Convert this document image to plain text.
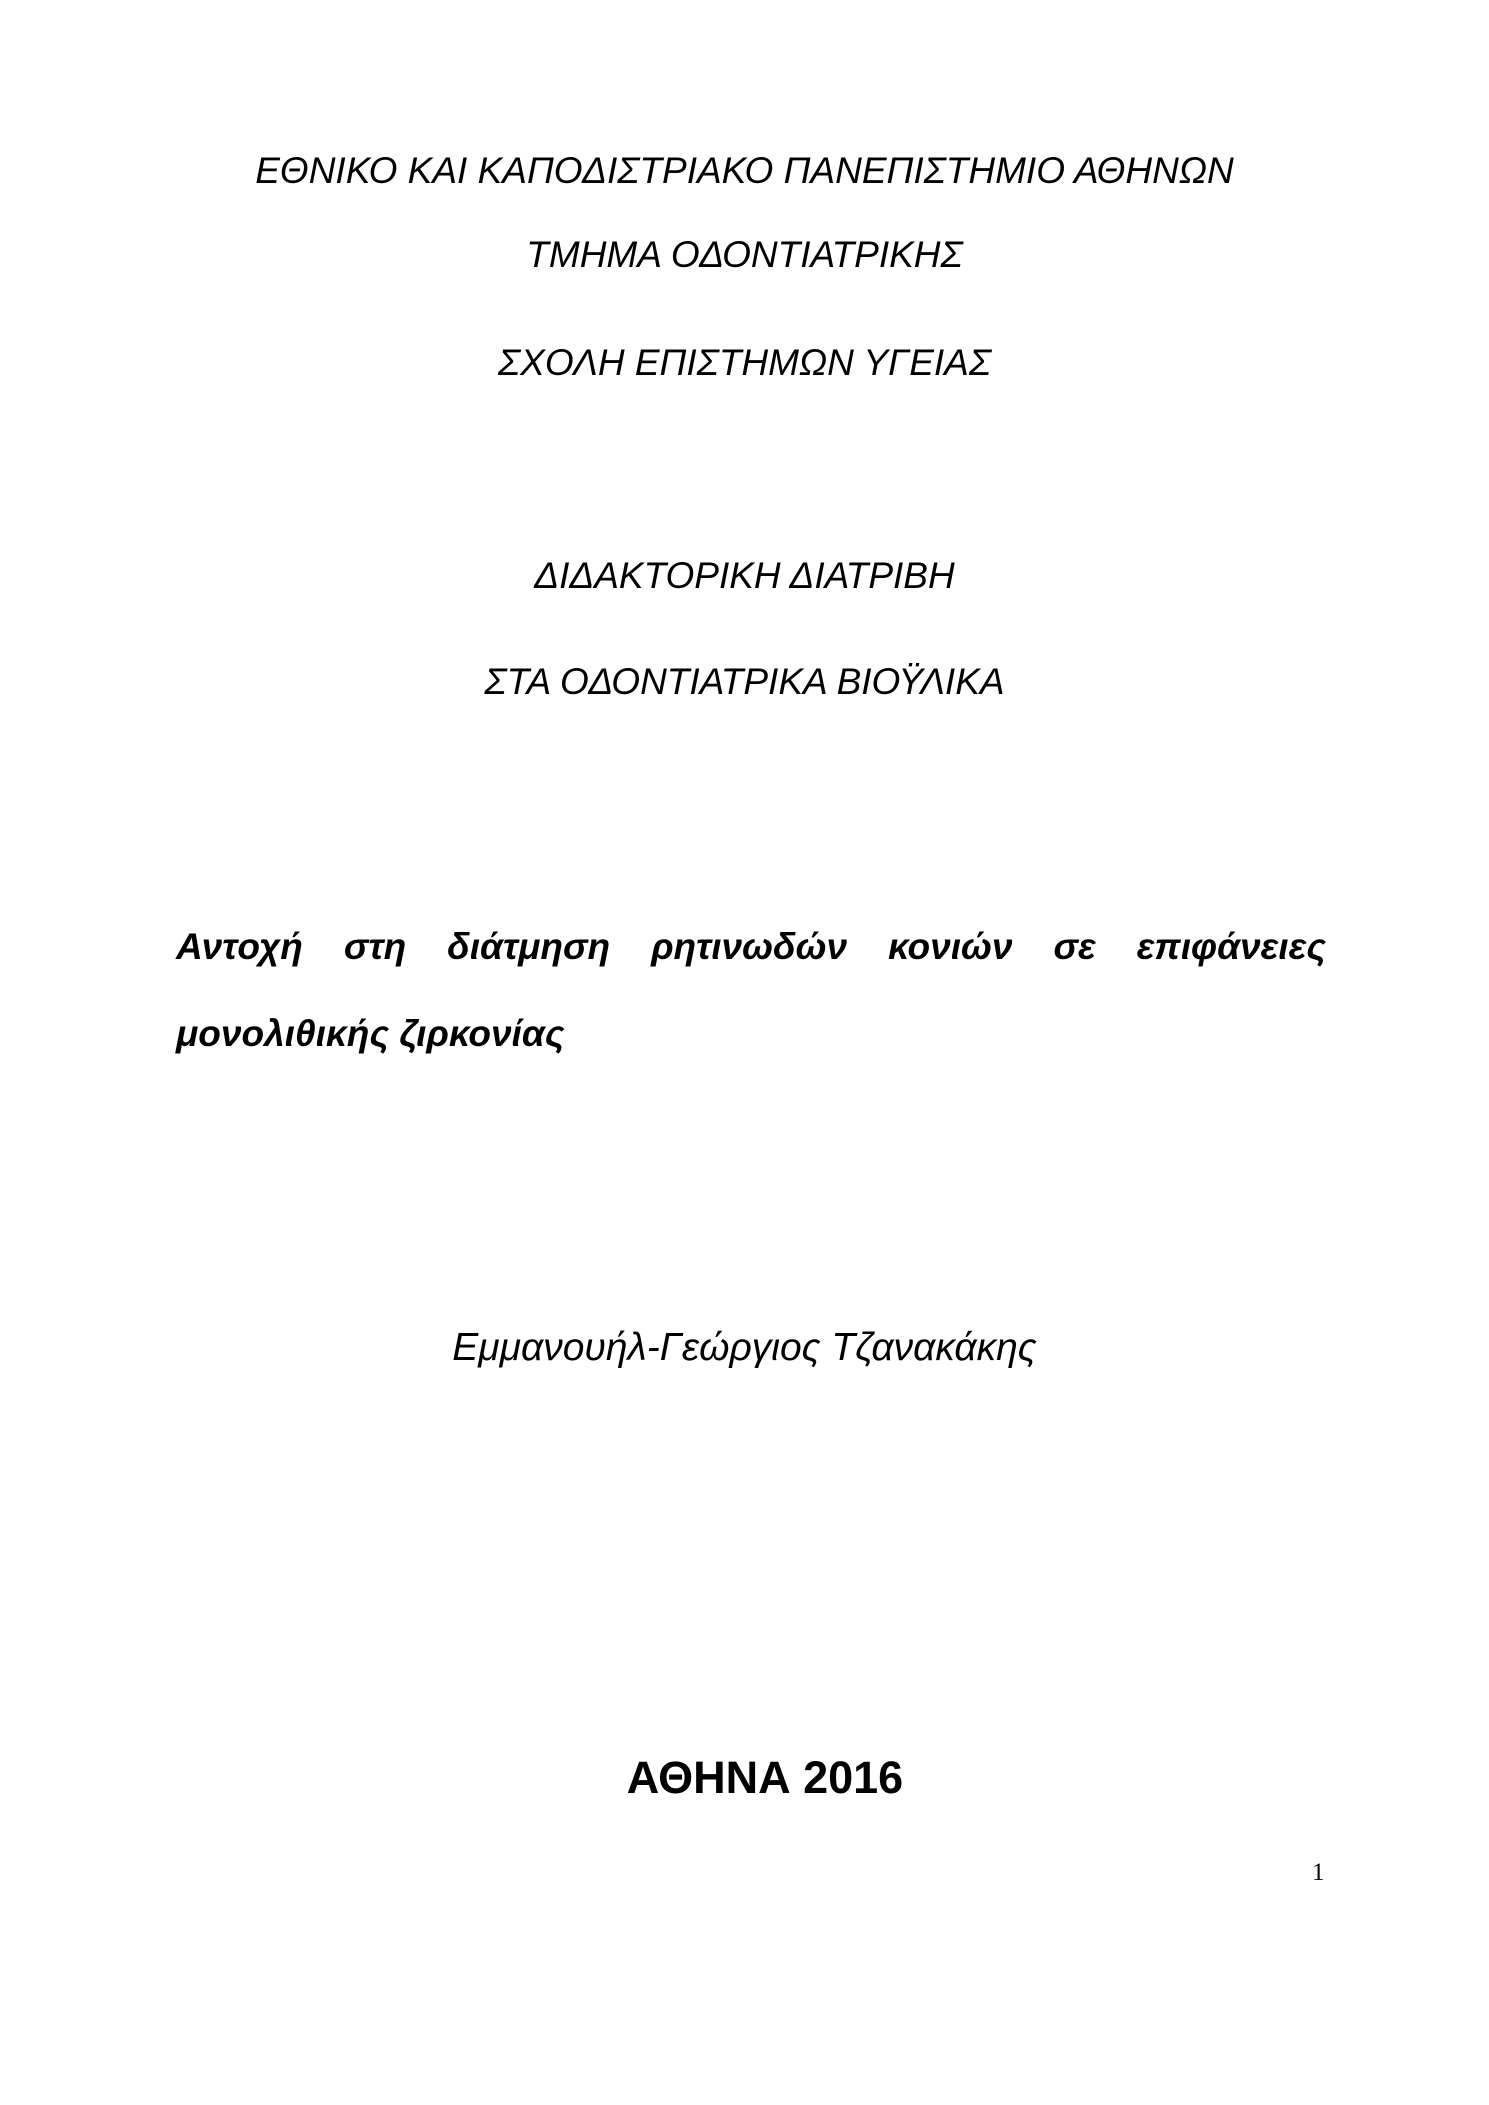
ΕΘΝΙΚΟ ΚΑΙ ΚΑΠΟΔΙΣΤΡΙΑΚΟ ΠΑΝΕΠΙΣΤΗΜΙΟ ΑΘΗΝΩΝ
ΤΜΗΜΑ ΟΔΟΝΤΙΑΤΡΙΚΗΣ
ΣΧΟΛΗ ΕΠΙΣΤΗΜΩΝ ΥΓΕΙΑΣ
ΔΙΔΑΚΤΟΡΙΚΗ ΔΙΑΤΡΙΒΗ
ΣΤΑ ΟΔΟΝΤΙΑΤΡΙΚΑ ΒΙΟΫΛΙΚΑ
Αντοχή στη διάτμηση ρητινωδών κονιών σε επιφάνειες
μονολιθικής ζιρκονίας
Εμμανουήλ-Γεώργιος Τζανακάκης
ΑΘΗΝΑ 2016
1
